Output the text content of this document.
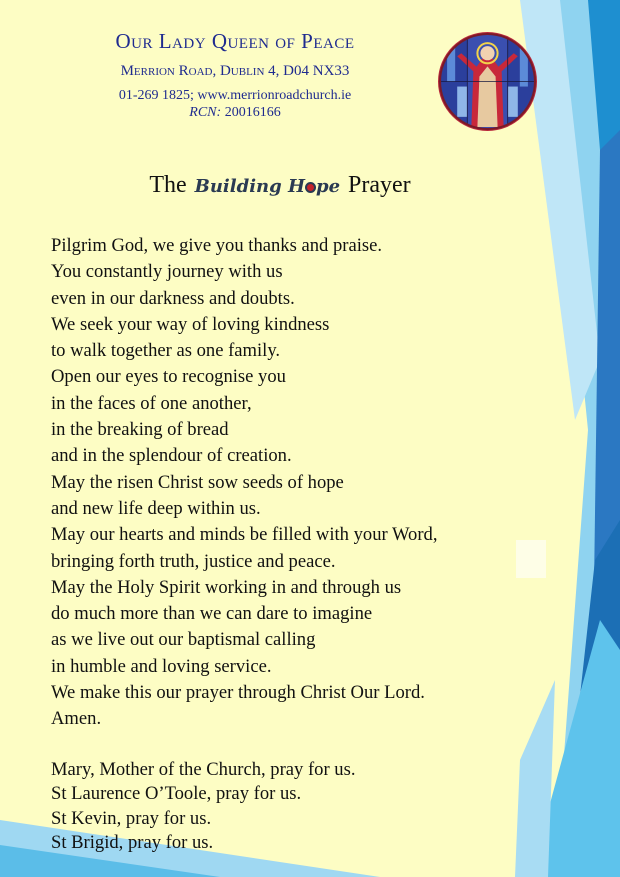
Our Lady Queen of Peace
Merrion Road, Dublin 4, D04 NX33
01-269 1825; www.merrionroadchurch.ie
RCN: 20016166
The Building H pe Prayer
Pilgrim God, we give you thanks and praise.
You constantly journey with us
even in our darkness and doubts.
We seek your way of loving kindness
to walk together as one family.
Open our eyes to recognise you
in the faces of one another,
in the breaking of bread
and in the splendour of creation.
May the risen Christ sow seeds of hope
and new life deep within us.
May our hearts and minds be filled with your Word,
bringing forth truth, justice and peace.
May the Holy Spirit working in and through us
do much more than we can dare to imagine
as we live out our baptismal calling
in humble and loving service.
We make this our prayer through Christ Our Lord.
Amen.
Mary, Mother of the Church, pray for us.
St Laurence O’Toole, pray for us.
St Kevin, pray for us.
St Brigid, pray for us.
